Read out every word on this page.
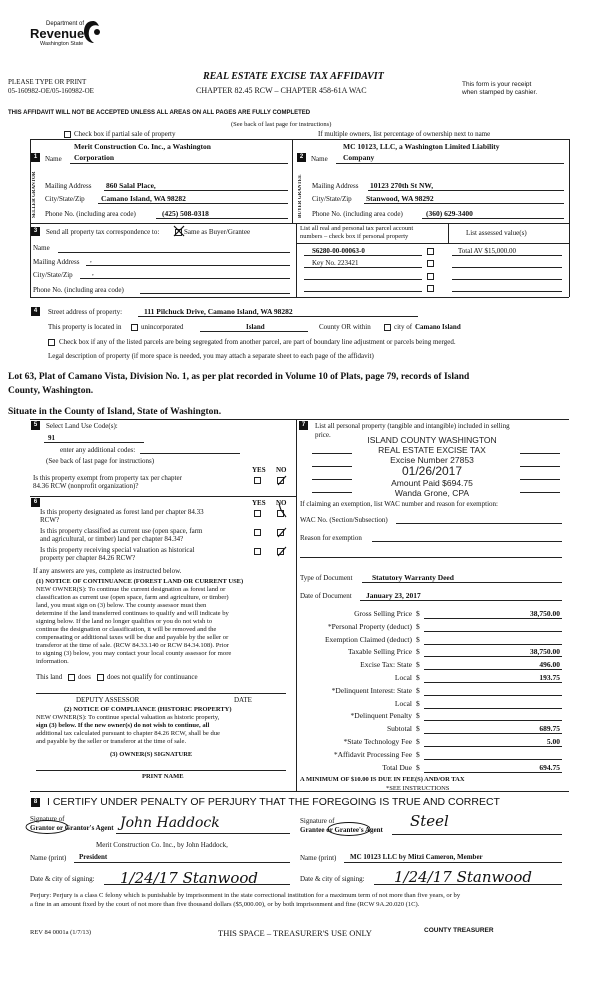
Department of
Revenue
Washington State
PLEASE TYPE OR PRINT
05-160982-OE/05-160982-OE
REAL ESTATE EXCISE TAX AFFIDAVIT
CHAPTER 82.45 RCW – CHAPTER 458-61A WAC
This form is your receipt
when stamped by cashier.
THIS AFFIDAVIT WILL NOT BE ACCEPTED UNLESS ALL AREAS ON ALL PAGES ARE FULLY COMPLETED
(See back of last page for instructions)
Check box if partial sale of property	If multiple owners, list percentage of ownership next to name
1	Name
Merit Construction Co. Inc., a Washington
Corporation
SELLER GRANTOR Mailing Address 860 Salal Place,
City/State/Zip Camano Island, WA 98282
Phone No. (including area code)	(425) 508-0318
2	Name
MC 10123, LLC, a Washington Limited Liability
Company
BUYER GRANTEE Mailing Address 10123 270th St NW,
City/State/Zip Stanwood, WA 98292
Phone No. (including area code)	(360) 629-3400
3	Send all property tax correspondence to:	Same as Buyer/Grantee
Name
Mailing Address ,
City/State/Zip	,
Phone No. (including area code)
List all real and personal tax parcel account
numbers – check box if personal property	List assessed value(s)
S6280-00-00063-0	Total AV $15,000.00
Key No. 223421
4	Street address of property:	111 Pilchuck Drive, Camano Island, WA 98282
This property is located in	unincorporated	Island	County OR within	city of Camano Island
Check box if any of the listed parcels are being segregated from another parcel, are part of boundary line adjustment or parcels being merged.
Legal description of property (if more space is needed, you may attach a separate sheet to each page of the affidavit)
Lot 63, Plat of Camano Vista, Division No. 1, as per plat recorded in Volume 10 of Plats, page 79, records of Island
County, Washington.
Situate in the County of Island, State of Washington.
5	Select Land Use Code(s):
91
enter any additional codes:
(See back of last page for instructions)
YES NO
Is this property exempt from property tax per chapter
84.36 RCW (nonprofit organization)?
6	YES NO
Is this property designated as forest land per chapter 84.33
RCW?
Is this property classified as current use (open space, farm
and agricultural, or timber) land per chapter 84.34?
Is this property receiving special valuation as historical
property per chapter 84.26 RCW?
If any answers are yes, complete as instructed below.
(1) NOTICE OF CONTINUANCE (FOREST LAND OR CURRENT USE)
NEW OWNER(S): To continue the current designation as forest land or
classification as current use (open space, farm and agriculture, or timber)
land, you must sign on (3) below. The county assessor must then
determine if the land transferred continues to qualify and will indicate by
signing below. If the land no longer qualifies or you do not wish to
continue the designation or classification, it will be removed and the
compensating or additional taxes will be due and payable by the seller or
transferor at the time of sale. (RCW 84.33.140 or RCW 84.34.108). Prior
to signing (3) below, you may contact your local county assessor for more
information.
This land does does not qualify for continuance
DEPUTY ASSESSOR	DATE
(2) NOTICE OF COMPLIANCE (HISTORIC PROPERTY)
NEW OWNER(S): To continue special valuation as historic property,
sign (3) below. If the new owner(s) do not wish to continue, all
additional tax calculated pursuant to chapter 84.26 RCW, shall be due
and payable by the seller or transferor at the time of sale.
(3) OWNER(S) SIGNATURE
PRINT NAME
7	List all personal property (tangible and intangible) included in selling
price.	ISLAND COUNTY WASHINGTON
REAL ESTATE EXCISE TAX
Excise Number 27853
01/26/2017
Amount Paid $694.75
Wanda Grone, CPA
If claiming an exemption, list WAC number and reason for exemption:
WAC No. (Section/Subsection)
Reason for exemption
Type of Document	Statutory Warranty Deed
Date of Document January 23, 2017
Gross Selling Price $	38,750.00
*Personal Property (deduct) $
Exemption Claimed (deduct) $
Taxable Selling Price $	38,750.00
Excise Tax: State $	496.00
Local $	193.75
*Delinquent Interest: State $
Local $
*Delinquent Penalty $
Subtotal $	689.75
*State Technology Fee $	5.00
*Affidavit Processing Fee $
Total Due $	694.75
A MINIMUM OF $10.00 IS DUE IN FEE(S) AND/OR TAX
*SEE INSTRUCTIONS
8 I CERTIFY UNDER PENALTY OF PERJURY THAT THE FOREGOING IS TRUE AND CORRECT
Signature of
Grantor or Grantor's Agent John Haddock
Merit Construction Co. Inc., by John Haddock,
Name (print) President
Date & city of signing: 1/24/17 Stanwood
Signature of
Grantee or Grantee's Agent Steel
Name (print) MC 10123 LLC by Mitzi Cameron, Member
Date & city of signing: 1/24/17 Stanwood
Perjury: Perjury is a class C felony which is punishable by imprisonment in the state correctional institution for a maximum term of not more than five years, or by
a fine in an amount fixed by the court of not more than five thousand dollars ($5,000.00), or by both imprisonment and fine (RCW 9A.20.020 (1C).
REV 84 0001a (1/7/13)	THIS SPACE – TREASURER'S USE ONLY	COUNTY TREASURER
